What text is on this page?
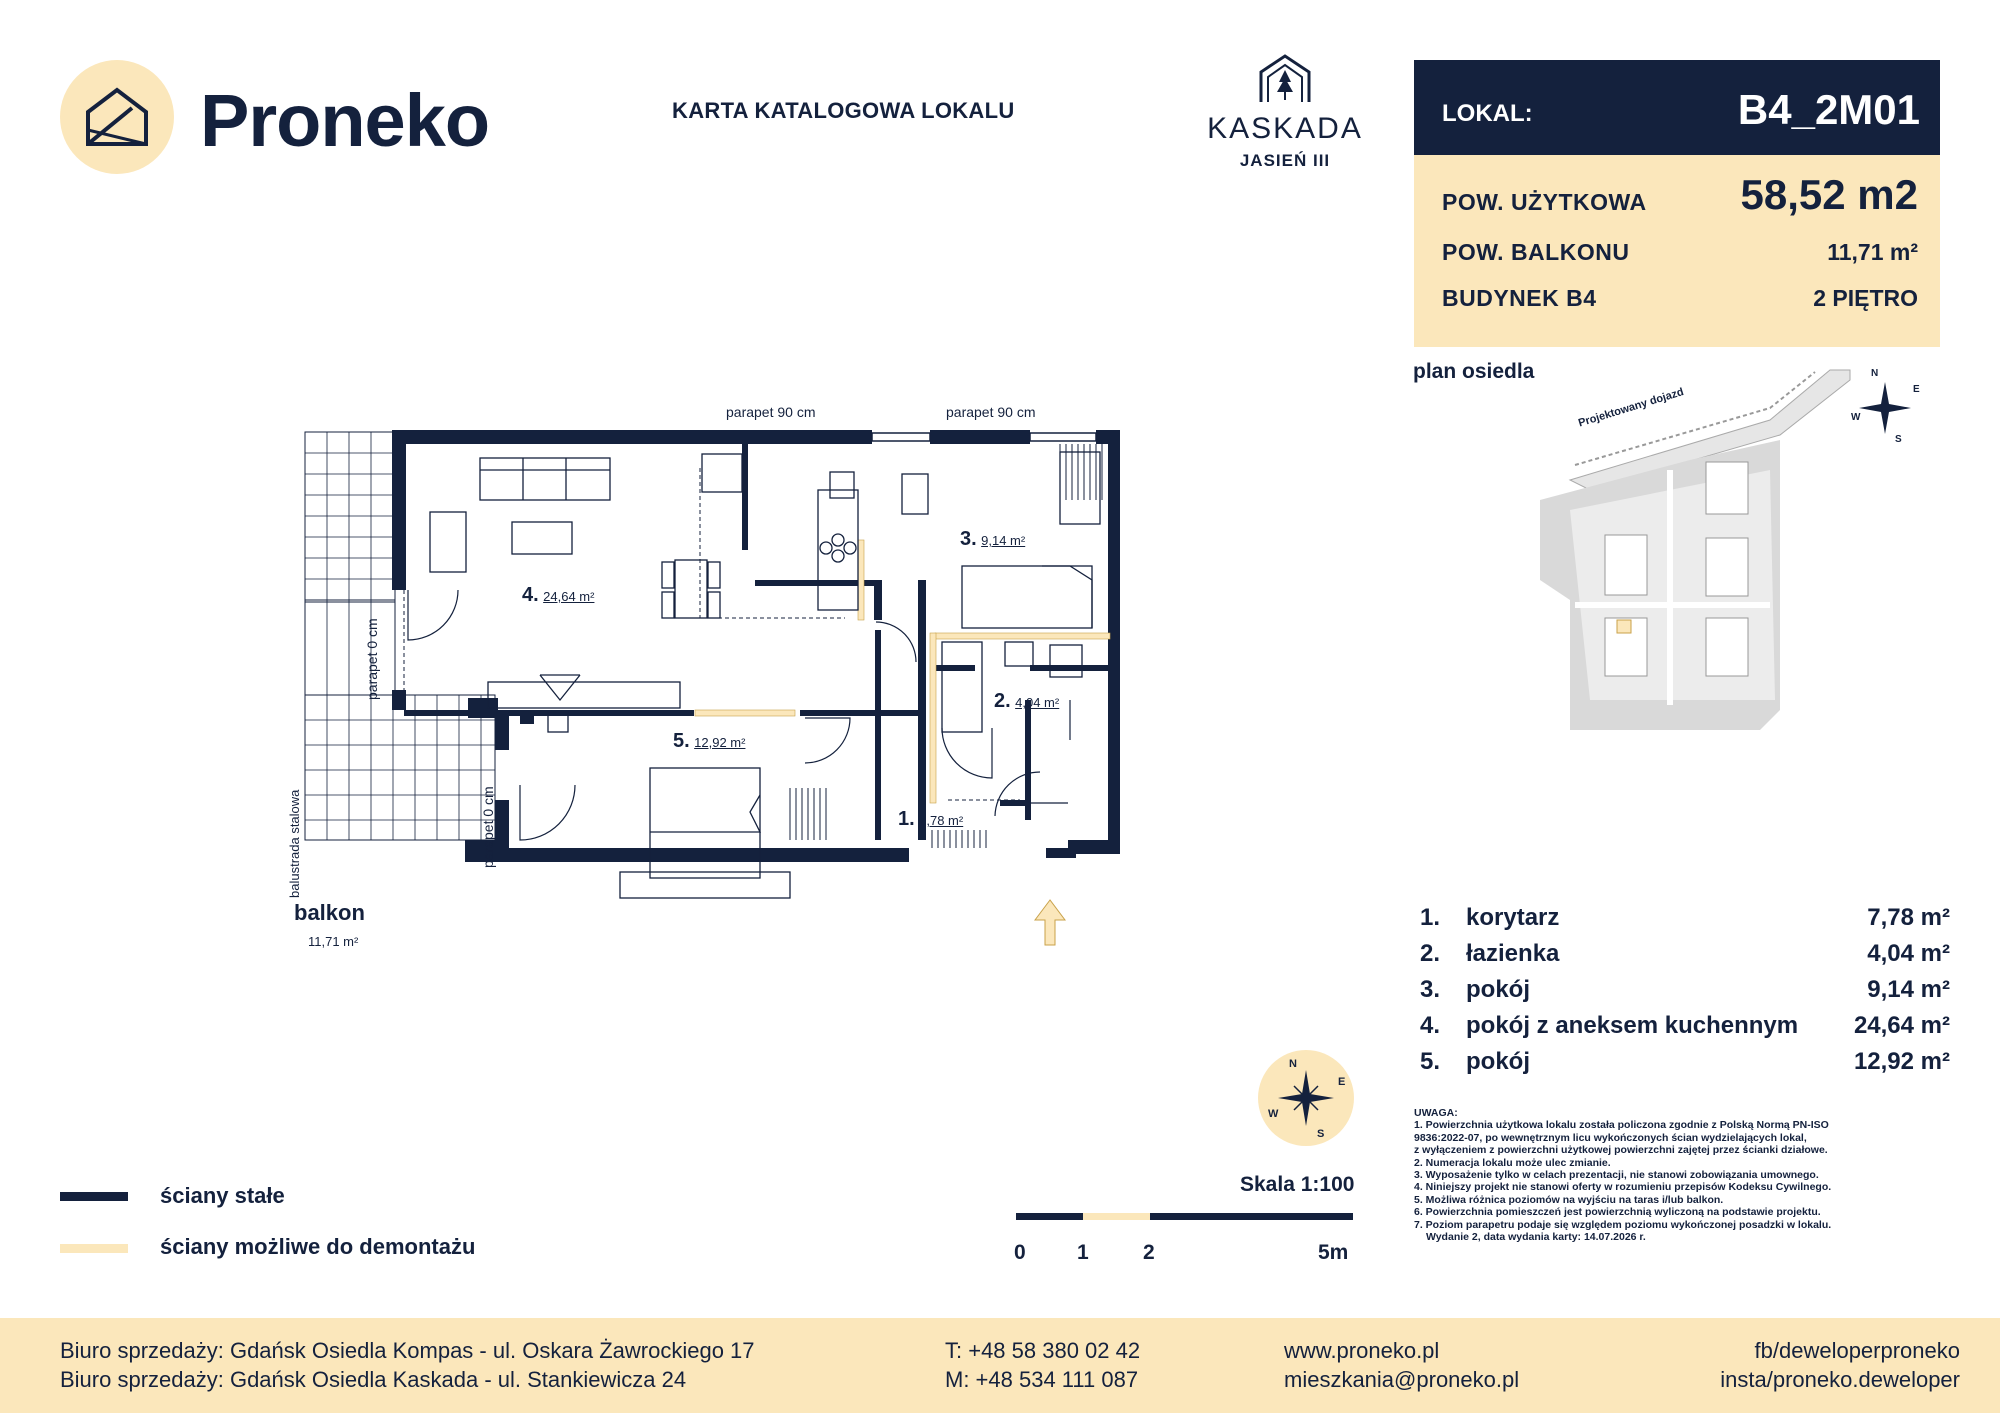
Proneko	KARTA KATALOGOWA LOKALU
KASKADA
JASIEŃ III
LOKAL:	B4_2M01
POW. UŻYTKOWA 58,52 m2
POW. BALKONU	11,71 m²
BUDYNEK B4	2 PIĘTRO
plan osiedla
Projektowany dojazd
N
E
S
W
parapet 90 cm	parapet 90 cm
parapet 0 cm
parapet 0 cm
balustrada stalowa
balkon
11,71 m²
1. 7,78 m²
2. 4,04 m²
3. 9,14 m²
4. 24,64 m²
5. 12,92 m²
1. korytarz	7,78 m²
2. łazienka	4,04 m²
3. pokój	9,14 m²
4. pokój z aneksem kuchennym 24,64 m²
5. pokój	12,92 m²
UWAGA:
1. Powierzchnia użytkowa lokalu została policzona zgodnie z Polską Normą PN-ISO
9836:2022-07, po wewnętrznym licu wykończonych ścian wydzielających lokal,
z wyłączeniem z powierzchni użytkowej powierzchni zajętej przez ścianki działowe.
2. Numeracja lokalu może ulec zmianie.
3. Wyposażenie tylko w celach prezentacji, nie stanowi zobowiązania umownego.
4. Niniejszy projekt nie stanowi oferty w rozumieniu przepisów Kodeksu Cywilnego.
5. Możliwa różnica poziomów na wyjściu na taras i/lub balkon.
6. Powierzchnia pomieszczeń jest powierzchnią wyliczoną na podstawie projektu.
7. Poziom parapetru podaje się względem poziomu wykończonej posadzki w lokalu.
Wydanie 2, data wydania karty: 14.07.2026 r.
N
E
S
W
ściany stałe
ściany możliwe do demontażu
Skala 1:100
0 1	2	5m
Biuro sprzedaży: Gdańsk Osiedla Kompas - ul. Oskara Żawrockiego 17
Biuro sprzedaży: Gdańsk Osiedla Kaskada - ul. Stankiewicza 24
T: +48 58 380 02 42
M: +48 534 111 087
www.proneko.pl
mieszkania@proneko.pl
fb/deweloperproneko
insta/proneko.deweloper
